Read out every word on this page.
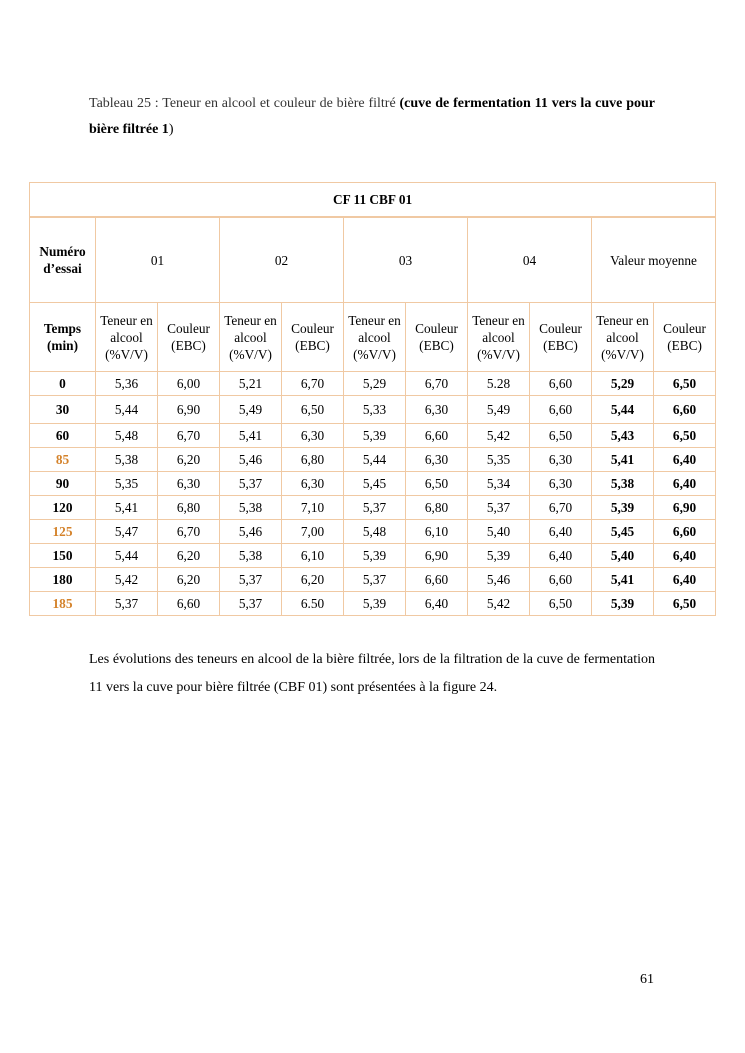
Tableau 25 : Teneur en alcool et couleur de bière filtré (cuve de fermentation 11 vers la cuve pour bière filtrée 1)
CF 11 CBF 01										
Numéro d’essai	01		02		03		04		Valeur moyenne	
Temps (min)	Teneur en alcool (%V/V)	Couleur (EBC)	Teneur en alcool (%V/V)	Couleur (EBC)	Teneur en alcool (%V/V)	Couleur (EBC)	Teneur en alcool (%V/V)	Couleur (EBC)	Teneur en alcool (%V/V)	Couleur (EBC)
0	5,36	6,00	5,21	6,70	5,29	6,70	5.28	6,60	5,29	6,50
30	5,44	6,90	5,49	6,50	5,33	6,30	5,49	6,60	5,44	6,60
60	5,48	6,70	5,41	6,30	5,39	6,60	5,42	6,50	5,43	6,50
85	5,38	6,20	5,46	6,80	5,44	6,30	5,35	6,30	5,41	6,40
90	5,35	6,30	5,37	6,30	5,45	6,50	5,34	6,30	5,38	6,40
120	5,41	6,80	5,38	7,10	5,37	6,80	5,37	6,70	5,39	6,90
125	5,47	6,70	5,46	7,00	5,48	6,10	5,40	6,40	5,45	6,60
150	5,44	6,20	5,38	6,10	5,39	6,90	5,39	6,40	5,40	6,40
180	5,42	6,20	5,37	6,20	5,37	6,60	5,46	6,60	5,41	6,40
185	5,37	6,60	5,37	6.50	5,39	6,40	5,42	6,50	5,39	6,50
Les évolutions des teneurs en alcool de la bière filtrée, lors de la filtration de la cuve de fermentation 11 vers la cuve pour bière filtrée (CBF 01) sont présentées à la figure 24.
61
